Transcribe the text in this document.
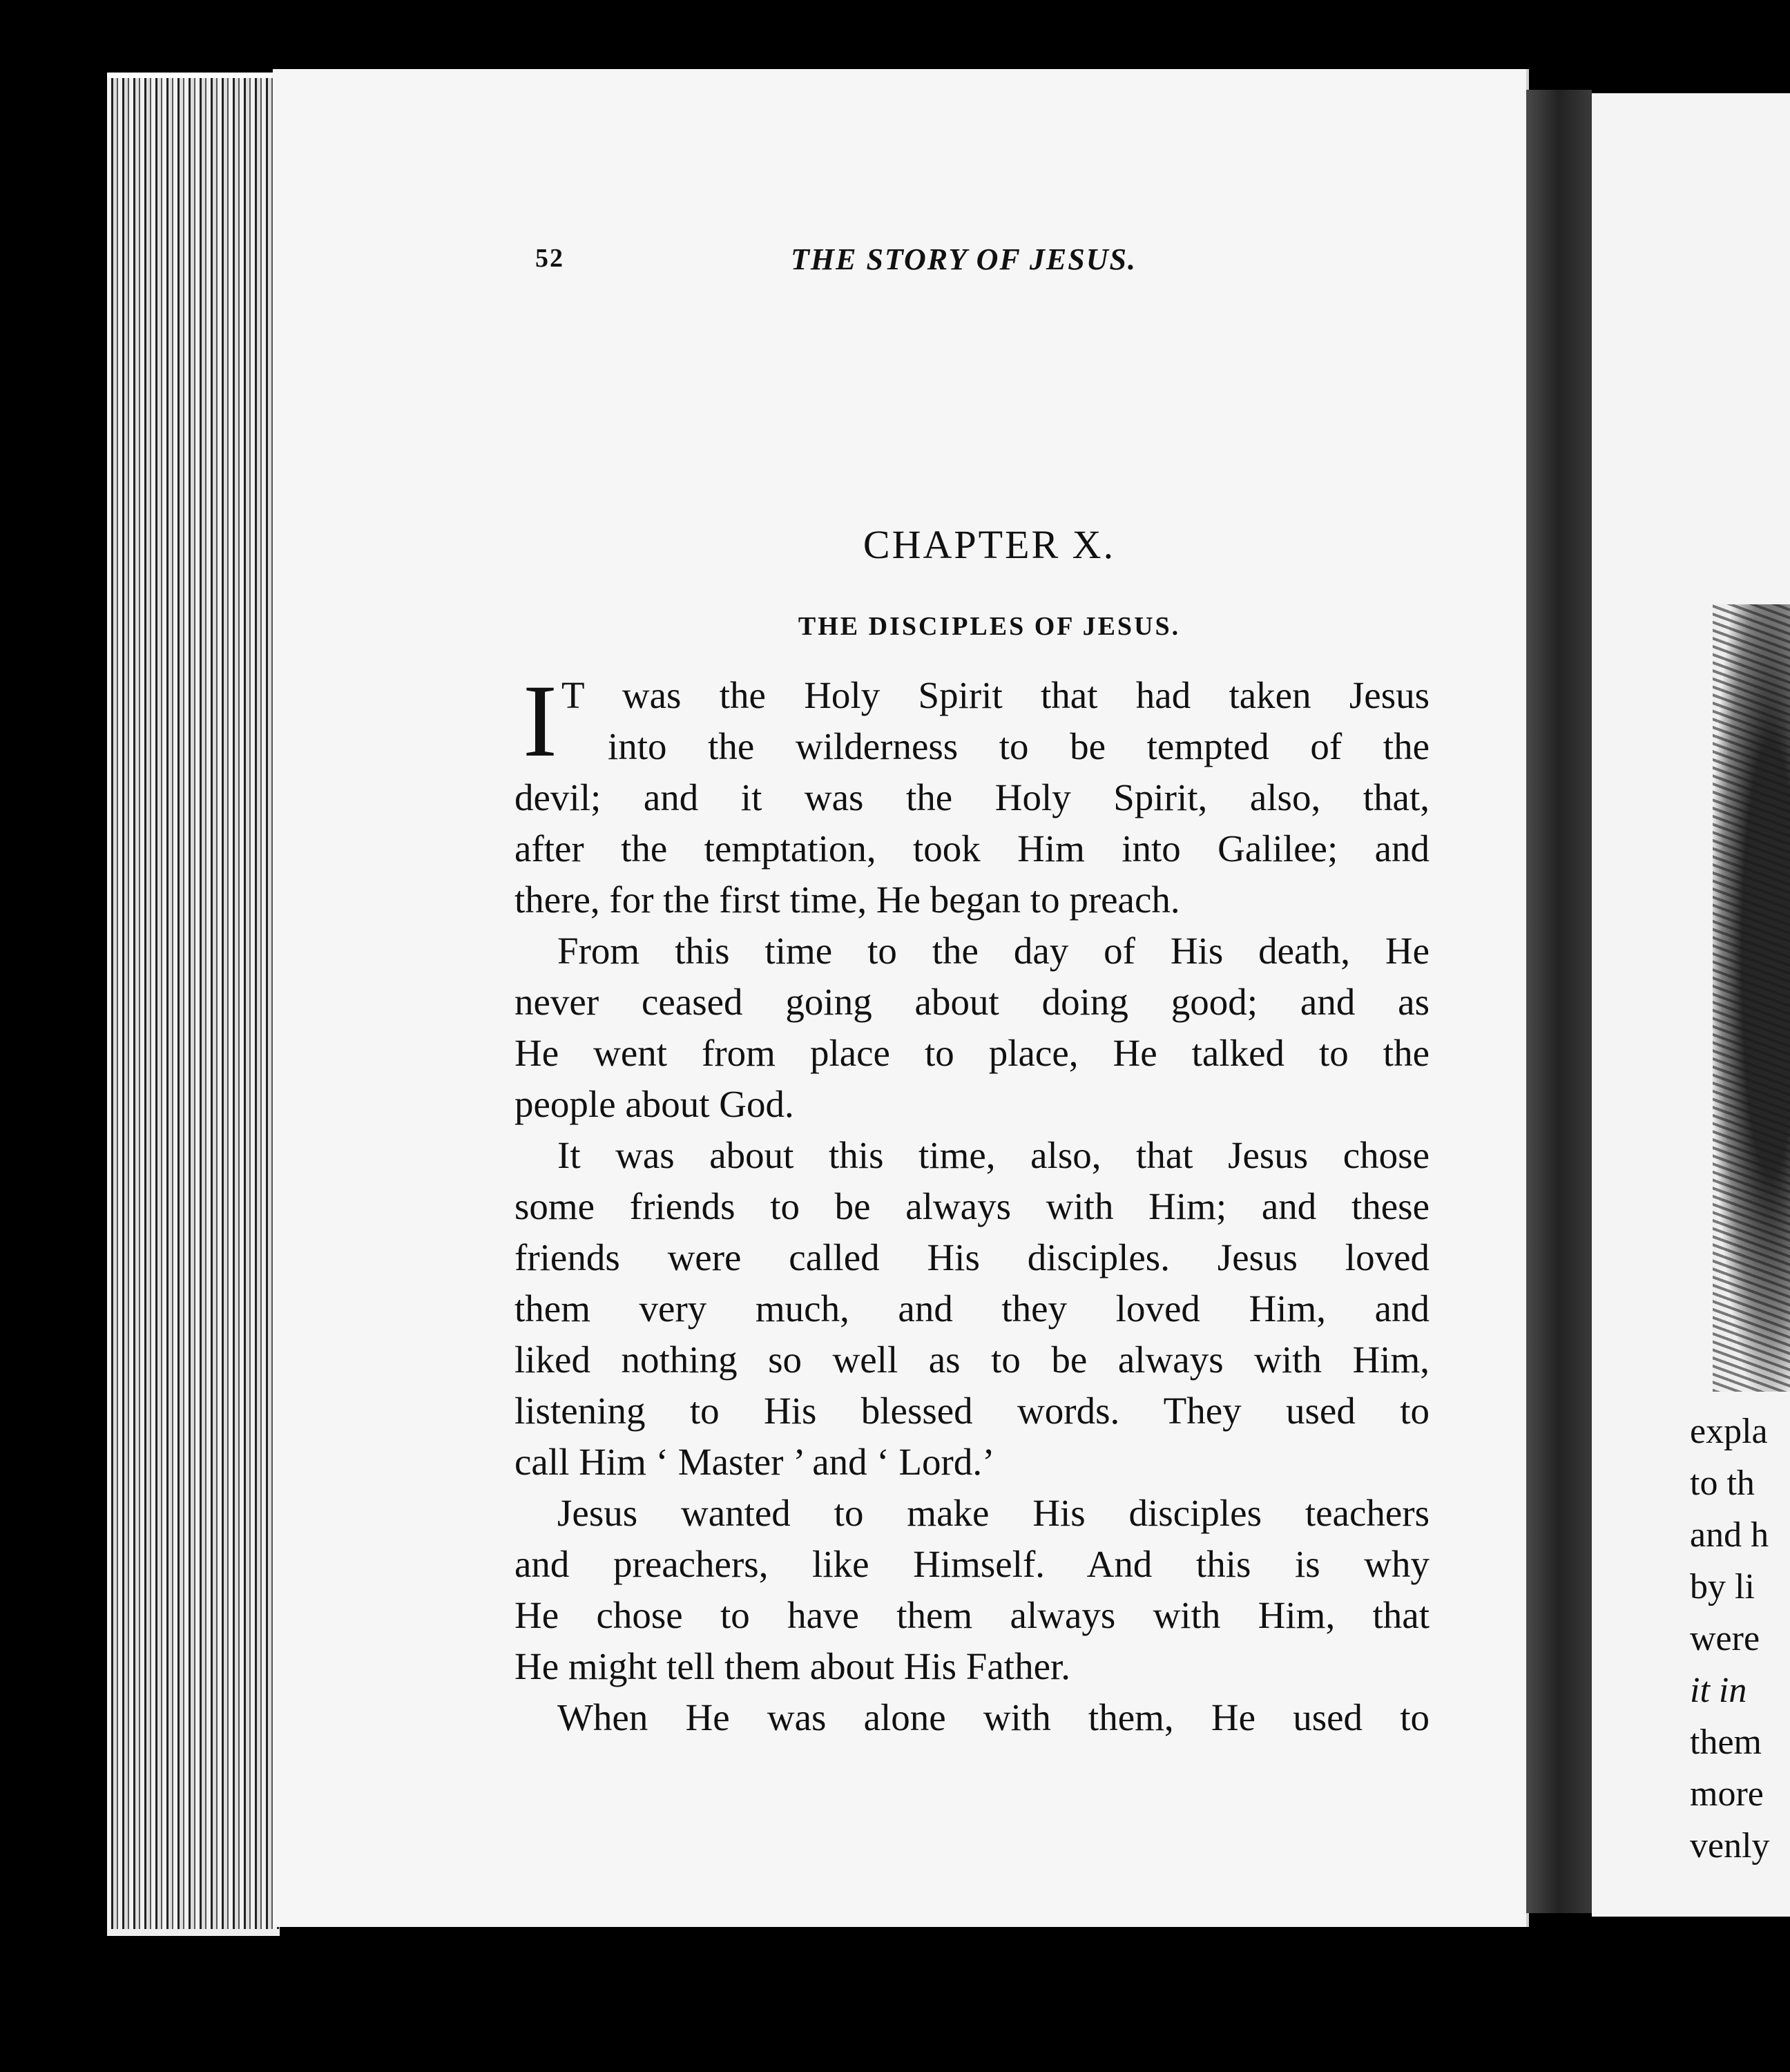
expla
to th
and h
by li
were
it in
them
more
venly
52	THE STORY OF JESUS.
CHAPTER X.
THE DISCIPLES OF JESUS.
I T was the Holy Spirit that had taken Jesus
into the wilderness to be tempted of the
devil; and it was the Holy Spirit, also, that,
after the temptation, took Him into Galilee; and
there, for the first time, He began to preach.
From this time to the day of His death, He
never ceased going about doing good; and as
He went from place to place, He talked to the
people about God.
It was about this time, also, that Jesus chose
some friends to be always with Him; and these
friends were called His disciples. Jesus loved
them very much, and they loved Him, and
liked nothing so well as to be always with Him,
listening to His blessed words. They used to
call Him ‘ Master ’ and ‘ Lord.’
Jesus wanted to make His disciples teachers
and preachers, like Himself. And this is why
He chose to have them always with Him, that
He might tell them about His Father.
When He was alone with them, He used to
